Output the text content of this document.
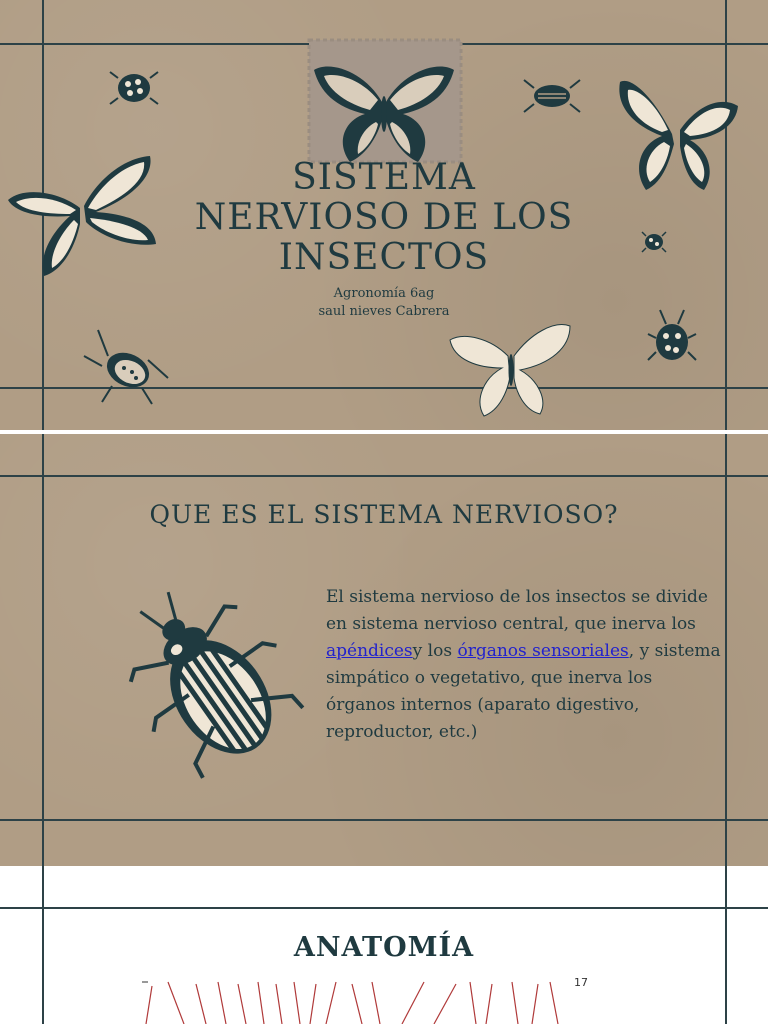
SISTEMA
NERVIOSO DE LOS
INSECTOS
Agronomía 6ag
saul nieves Cabrera
QUE ES EL SISTEMA NERVIOSO?

El sistema nervioso de los insectos se divide en sistema nervioso central, que inerva los apéndicesy los órganos sensoriales, y sistema simpático o vegetativo, que inerva los órganos internos (aparato digestivo, reproductor, etc.)

ANATOMÍA
17
